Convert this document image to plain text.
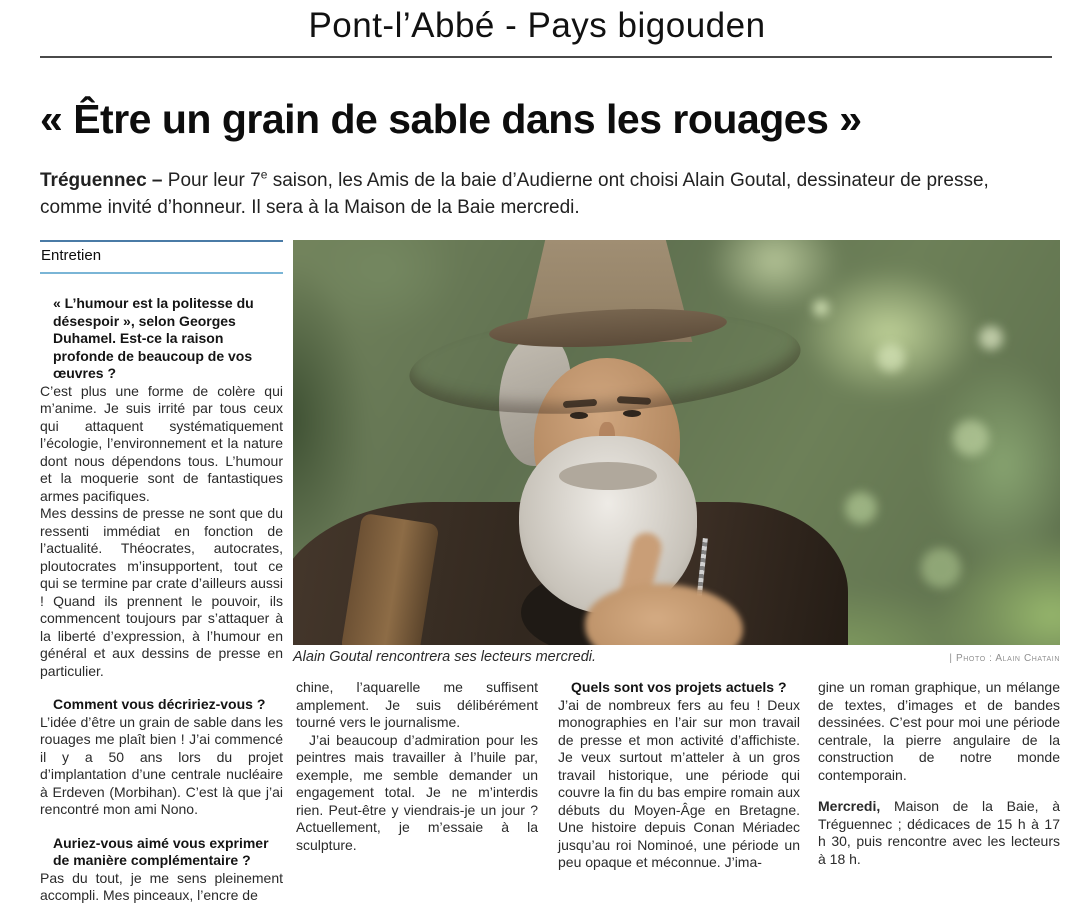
Pont-l’Abbé - Pays bigouden
« Être un grain de sable dans les rouages »

Tréguennec – Pour leur 7e saison, les Amis de la baie d’Audierne ont choisi Alain Goutal, dessinateur de presse, comme invité d’honneur. Il sera à la Maison de la Baie mercredi.

Entretien

« L’humour est la politesse du désespoir », selon Georges Duhamel. Est-ce la raison profonde de beaucoup de vos œuvres ?

C’est plus une forme de colère qui m’anime. Je suis irrité par tous ceux qui attaquent systématiquement l’écologie, l’environnement et la nature dont nous dépendons tous. L’humour et la moquerie sont de fantastiques armes pacifiques.

Mes dessins de presse ne sont que du ressenti immédiat en fonction de l’actualité. Théocrates, autocrates, ploutocrates m’insupportent, tout ce qui se termine par crate d’ailleurs aussi ! Quand ils prennent le pouvoir, ils commencent toujours par s’attaquer à la liberté d’expression, à l’humour en général et aux dessins de presse en particulier.

Comment vous décririez-vous ?

L’idée d’être un grain de sable dans les rouages me plaît bien ! J’ai commencé il y a 50 ans lors du projet d’implantation d’une centrale nucléaire à Erdeven (Morbihan). C’est là que j’ai rencontré mon ami Nono.

Auriez-vous aimé vous exprimer de manière complémentaire ?

Pas du tout, je me sens pleinement accompli. Mes pinceaux, l’encre de

Alain Goutal rencontrera ses lecteurs mercredi.	| Photo : Alain Chatain

chine, l’aquarelle me suffisent amplement. Je suis délibérément tourné vers le journalisme.

J’ai beaucoup d’admiration pour les peintres mais travailler à l’huile par, exemple, me semble demander un engagement total. Je ne m’interdis rien. Peut-être y viendrais-je un jour ? Actuellement, je m’essaie à la sculpture.

Quels sont vos projets actuels ?

J’ai de nombreux fers au feu ! Deux monographies en l’air sur mon travail de presse et mon activité d’affichiste. Je veux surtout m’atteler à un gros travail historique, une période qui couvre la fin du bas empire romain aux débuts du Moyen-Âge en Bretagne. Une histoire depuis Conan Mériadec jusqu’au roi Nominoé, une période un peu opaque et méconnue. J’ima-

gine un roman graphique, un mélange de textes, d’images et de bandes dessinées. C’est pour moi une période centrale, la pierre angulaire de la construction de notre monde contemporain.

Mercredi, Maison de la Baie, à Tréguennec ; dédicaces de 15 h à 17 h 30, puis rencontre avec les lecteurs à 18 h.
